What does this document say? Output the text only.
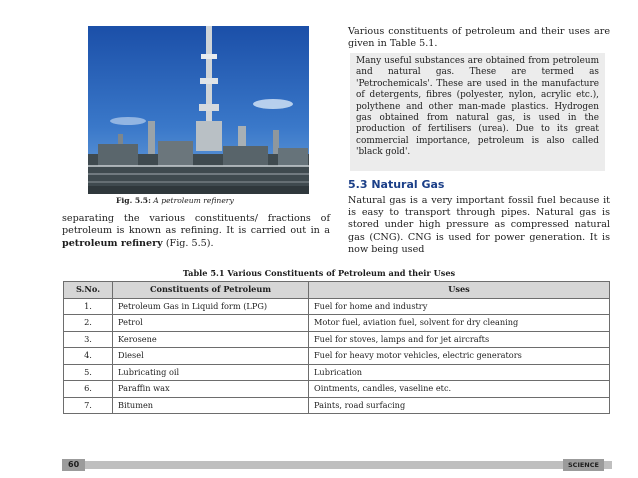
Fig. 5.5: A petroleum refinery
separating the various constituents/ fractions of petroleum is known as refining. It is carried out in a petroleum refinery (Fig. 5.5).
Various constituents of petroleum and their uses are given in Table 5.1.
Many useful substances are obtained from petroleum and natural gas. These are termed as 'Petrochemicals'. These are used in the manufacture of detergents, fibres (polyester, nylon, acrylic etc.), polythene and other man-made plastics. Hydrogen gas obtained from natural gas, is used in the production of fertilisers (urea). Due to its great commercial importance, petroleum is also called 'black gold'.
5.3 Natural Gas
Natural gas is a very important fossil fuel because it is easy to transport through pipes. Natural gas is stored under high pressure as compressed natural gas (CNG). CNG is used for power generation. It is now being used
Table 5.1 Various Constituents of Petroleum and their Uses
S.No.	Constituents of Petroleum	Uses
1.	Petroleum Gas in Liquid form (LPG)	Fuel for home and industry
2.	Petrol	Motor fuel, aviation fuel, solvent for dry cleaning
3.	Kerosene	Fuel for stoves, lamps and for jet aircrafts
4.	Diesel	Fuel for heavy motor vehicles, electric generators
5.	Lubricating oil	Lubrication
6.	Paraffin wax	Ointments, candles, vaseline etc.
7.	Bitumen	Paints, road surfacing
60	SCIENCE
